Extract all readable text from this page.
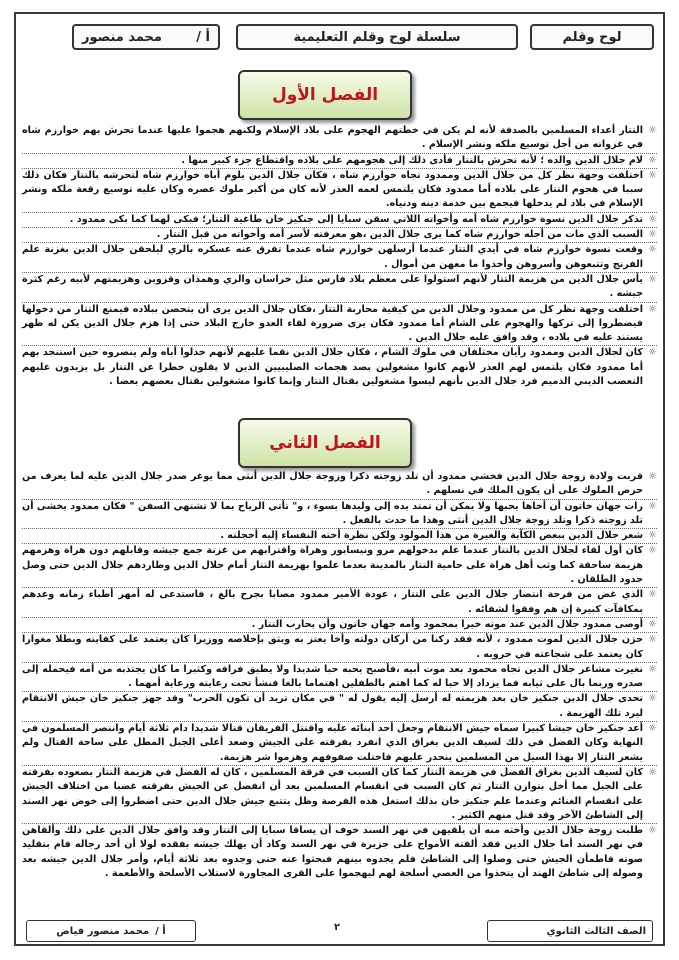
لوح وقلم
سلسلة لوح وقلم التعليمية
أ /
محمد منصور
الفصل الأول

☼
التتار أعداء المسلمين بالصدفة لأنه لم يكن في خطتهم الهجوم على بلاد الإسلام ولكنهم هجموا عليها عندما تحرش بهم خوارزم شاه في غزواته من أجل توسيع ملكه ونشر الإسلام .

☼
لام جلال الدين والده ؛ لأنه تحرش بالتتار فأدى ذلك إلى هجومهم على بلاده واقتطاع جزء كبير منها .

☼
اختلفت وجهة نظر كل من جلال الدين وممدود تجاه خوارزم شاه ، فكان جلال الدين يلوم أباه خوارزم شاه لتحرشه بالتتار فكان ذلك سببا في هجوم التتار على بلاده أما ممدود فكان يلتمس لعمه العذر لأنه كان من أكبر ملوك عصره وكان عليه توسيع رقعة ملكه ونشر الإسلام في بلاد لم يدخلها فيجمع بين خدمة دينه ودنياه.

☼
تذكر جلال الدين نسوة خوارزم شاه أمه وأخواته اللاتي سقن سبايا إلى جنكيز خان طاغية التتار؛ فبكى لهما كما بكى ممدود .

☼
السبب الذي مات من أجله خوارزم شاه كما يرى جلال الدين ،هو معرفته لأسر أمه وأخواته من قبل التتار .

☼
وقعت نسوة خوارزم شاه في أيدي التتار عندما أرسلهن خوارزم شاه عندما تفرق عنه عسكره بالري ليلحقن جلال الدين بغزنة علم الفرنج وتتبعوهن وأسروهن وأخذوا ما معهن من أموال .

☼
يأس جلال الدين من هزيمة التتار لأنهم استولوا على معظم بلاد فارس مثل خراسان والري وهمذان وقزوين وهزيمتهم لأبيه رغم كثرة جيشه .

☼
اختلفت وجهة نظر كل من ممدود وجلال الدين من كيفية محاربة التتار ،فكان جلال الدين يرى أن يتحصن ببلاده فيمنع التتار من دخولها فيضطروا إلى تركها والهجوم على الشام أما ممدود فكان يرى ضرورة لقاء العدو خارج البلاد حتى إذا هزم جلال الدين يكن له ظهر يستند عليه في بلاده ، وقد وافق عليه جلال الدين .

☼
كان لجلال الدين وممدود رأيان مختلفان في ملوك الشام ، فكان جلال الدين نقما عليهم لأنهم خذلوا أباه ولم ينصروه حين استنجد بهم أما ممدود فكان يلتمس لهم العذر لأنهم كانوا مشغولين بصد هجمات الصليبيين الذين لا يقلون خطرا عن التتار بل يزيدون عليهم التعصب الديني الذميم فرد جلال الدين بأنهم ليسوا مشغولين بقتال التتار وإنما كانوا مشغولين بقتال بعضهم بعضا .

الفصل الثاني

☼
قربت ولادة زوجة جلال الدين فخشي ممدود أن تلد زوجته ذكرا وزوجة جلال الدين أنثى مما يوغر صدر جلال الدين عليه لما يعرف من حرص الملوك على أن يكون الملك في نسلهم .

☼
رات جهان خاتون أن أخاها يحبها ولا يمكن أن تمتد يده إلى وليدها بسوء ، و" تأتي الرياح بما لا تشتهي السفن " فكان ممدود يخشى أن تلد زوجته ذكرا وتلد زوجة جلال الدين أنثى وهذا ما حدث بالفعل .

☼
شعر جلال الدين ببعض الكآبة والغيرة من هذا المولود ولكن نظرة أخته النفساء إليه أخجلته .

☼
كان أول لقاء لجلال الدين بالتتار عندما علم بدخولهم مرو ونيسابور وهراة واقترابهم من غزنة جمع جيشه وقابلهم دون هراة وهزمهم هزيمة ساحقة كما وثب أهل هراة على حامية التتار بالمدينة بعدما علموا بهزيمة التتار أمام جلال الدين وطاردهم جلال الدين حتى وصل حدود الطلقان .

☼
الذي غض من فرحة انتصار جلال الدين على التتار ، عودة الأمير ممدود مصابا بجرح بالغ ، فاستدعى له أمهر أطباء زمانه وعدهم بمكافآت كبيرة إن هم وفقوا لشفائه .

☼
أوصى ممدود جلال الدين عند موته خيرا بمحمود وأمه جهان جاتون وأن يحارب التتار .

☼
حزن جلال الدين لموت ممدود ، لأنه فقد ركنا من أركان دولته وأخا يعتز به ويثق بإخلاصه ووزيرا كان يعتمد على كفايته وبطلا مغوارا كان يعتمد على شجاعته في حروبه .

☼
تغيرت مشاعر جلال الدين تجاه محمود بعد موت أبيه ،فأصبح يحبه حبا شديدا ولا يطيق فراقه وكثيرا ما كان يجتذبه من أمه فيحمله إلى صدره وربما بال على ثيابه فما يزداد إلا حبا له كما اهتم بالطفلين اهتماما بالغا فنشأ تحت رعايته ورعاية أمهما .

☼
تحدى جلال الدين جنكيز خان بعد هزيمته له أرسل إليه يقول له " في مكان تريد أن تكون الحرب" وقد جهز جنكيز خان جيش الانتقام ليرد تلك الهزيمة .

☼
أعد جنكيز خان جيشا كبيرا سماه جيش الانتقام وجعل أحد أبنائه عليه واقتتل الفريقان قتالا شديدا دام ثلاثة أيام وانتصر المسلمون في النهاية وكان الفضل في ذلك لسيف الدين بغراق الذي انفرد بفرقته على الجيش وصعد أعلى الجبل المطل على ساحة القتال ولم يشعر التتار إلا بهذا السيل من المسلمين ينحدر عليهم فاختلت صفوفهم وهزموا شر هزيمة.

☼
كان لسيف الدين بغراق الفضل في هزيمة التتار كما كان السبب في فرقة المسلمين ، كان له الفضل في هزيمة التتار بصعوده بفرقته على الجبل مما أخل بتوازن التتار ثم كان السبب في انقسام المسلمين بعد أن انفصل عن الجيش بفرقته غضبا من اختلاف الجيش على انقسام الغنائم وعندما علم جنكيز خان بذلك استغل هذه الفرصة وظل يتتبع جيش جلال الدين حتى اضطروا إلى خوض نهر السند إلى الشاطئ الآخر وقد قتل منهم الكثير .

☼
طلبت زوجة جلال الدين وأخته منه أن يلقيهن في نهر السند خوف أن يساقا سبايا إلى التتار وقد وافق جلال الدين على ذلك وألقاهن في نهر السند أما جلال الدين فقد ألقته الأمواج على جزيرة في نهر السند وكاد أن يهلك جيشه بفقده لولا أن أحد رجاله قام بتقليد صوته فاطمأن الجيش حتى وصلوا إلى الشاطئ فلم يجدوه بينهم فبحثوا عنه حتى وجدوه بعد ثلاثة أيام، وأمر جلال الدين جيشه بعد وصوله إلى شاطئ الهند أن يتخذوا من العصي أسلحة لهم ليهجموا على القرى المجاورة لاستلاب الأسلحة والأطعمة .

الصف الثالث الثانوي
٢
أ /
محمد منصور فياض
